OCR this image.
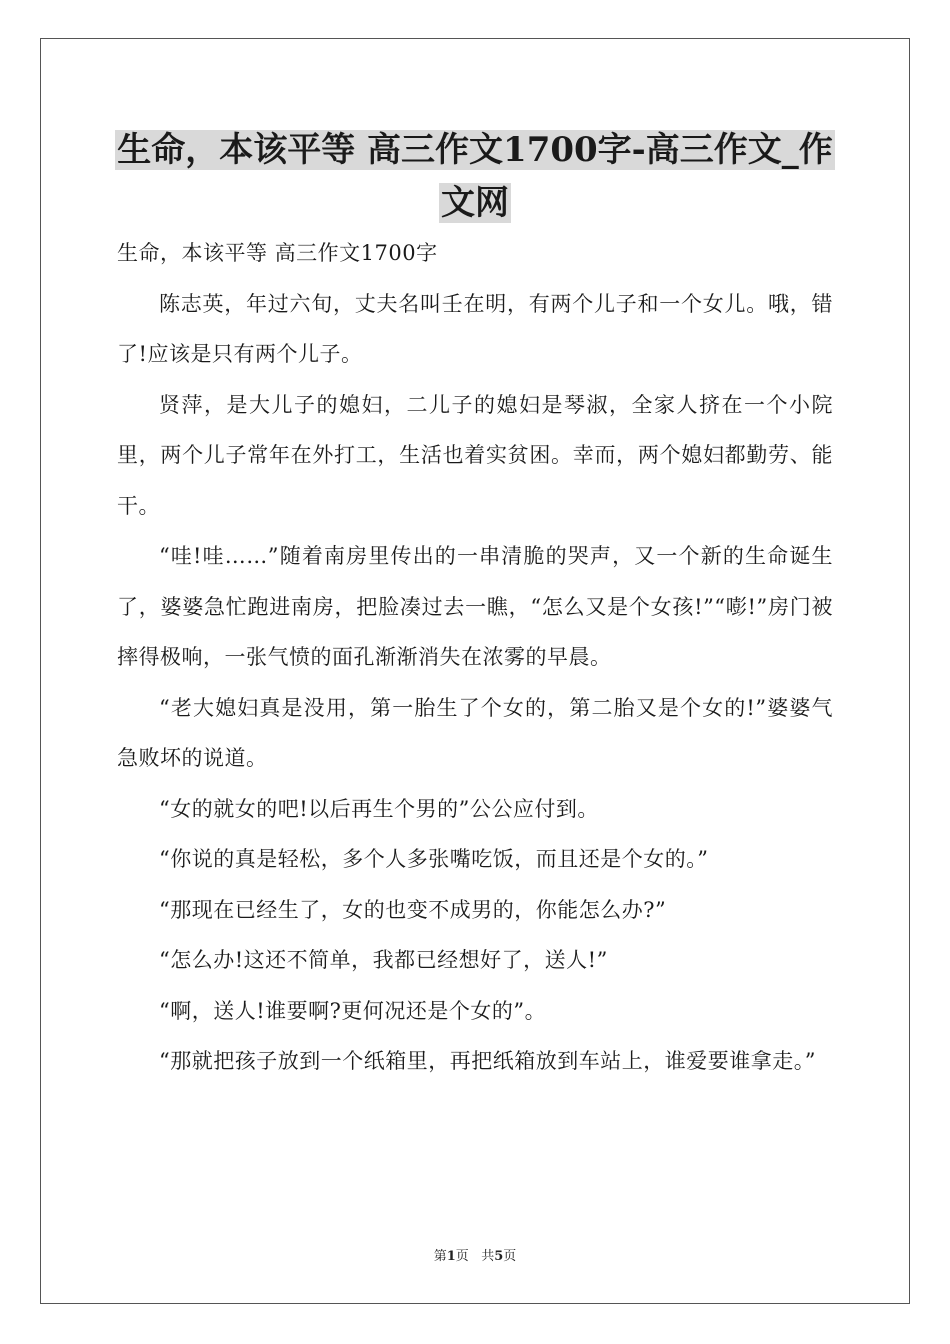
生命，本该平等 高三作文1700字-高三作文_作文网

生命，本该平等 高三作文1700字

陈志英，年过六旬，丈夫名叫壬在明，有两个儿子和一个女儿。哦，错了!应该是只有两个儿子。

贤萍，是大儿子的媳妇，二儿子的媳妇是琴淑，全家人挤在一个小院里，两个儿子常年在外打工，生活也着实贫困。幸而，两个媳妇都勤劳、能干。

“哇!哇……”随着南房里传出的一串清脆的哭声，又一个新的生命诞生了，婆婆急忙跑进南房，把脸凑过去一瞧，“怎么又是个女孩!”“嘭!”房门被摔得极响，一张气愤的面孔渐渐消失在浓雾的早晨。

“老大媳妇真是没用，第一胎生了个女的，第二胎又是个女的!”婆婆气急败坏的说道。

“女的就女的吧!以后再生个男的”公公应付到。

“你说的真是轻松，多个人多张嘴吃饭，而且还是个女的。”

“那现在已经生了，女的也变不成男的，你能怎么办?”

“怎么办!这还不简单，我都已经想好了，送人!”

“啊，送人!谁要啊?更何况还是个女的”。

“那就把孩子放到一个纸箱里，再把纸箱放到车站上，谁爱要谁拿走。”

第1页 共5页
